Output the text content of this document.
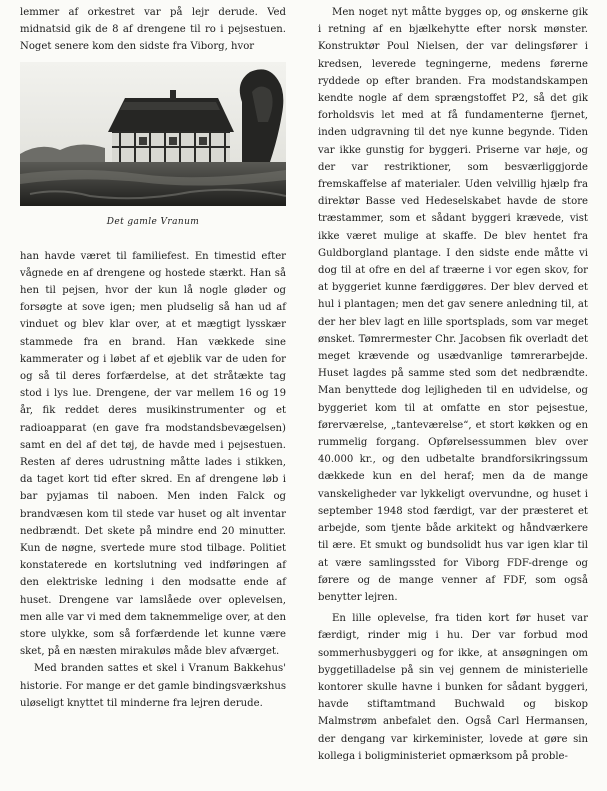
lemmer af orkestret var på lejr derude. Ved midnatsid gik de 8 af drengene til ro i pejsestuen. Noget senere kom den sidste fra Viborg, hvor

Det gamle Vranum

han havde været til familiefest. En timestid efter vågnede en af drengene og hostede stærkt. Han så hen til pejsen, hvor der kun lå nogle gløder og forsøgte at sove igen; men pludselig så han ud af vinduet og blev klar over, at et mægtigt lysskær stammede fra en brand. Han vækkede sine kammerater og i løbet af et øjeblik var de uden for og så til deres forfærdelse, at det stråtækte tag stod i lys lue. Drengene, der var mellem 16 og 19 år, fik reddet deres musikinstrumenter og et radioapparat (en gave fra modstandsbevægelsen) samt en del af det tøj, de havde med i pejsestuen. Resten af deres udrustning måtte lades i stikken, da taget kort tid efter skred. En af drengene løb i bar pyjamas til naboen. Men inden Falck og brandvæsen kom til stede var huset og alt inventar nedbrændt. Det skete på mindre end 20 minutter. Kun de nøgne, svertede mure stod tilbage. Politiet konstaterede en kortslutning ved indføringen af den elektriske ledning i den modsatte ende af huset. Drengene var lamslåede over oplevelsen, men alle var vi med dem taknemmelige over, at den store ulykke, som så forfærdende let kunne være sket, på en næsten mirakuløs måde blev afværget.

Med branden sattes et skel i Vranum Bakkehus' historie. For mange er det gamle bindingsværkshus uløseligt knyttet til minderne fra lejren derude.

Men noget nyt måtte bygges op, og ønskerne gik i retning af en bjælkehytte efter norsk mønster. Konstruktør Poul Nielsen, der var delingsfører i kredsen, leverede tegningerne, medens førerne ryddede op efter branden. Fra modstandskampen kendte nogle af dem sprængstoffet P2, så det gik forholdsvis let med at få fundamenterne fjernet, inden udgravning til det nye kunne begynde. Tiden var ikke gunstig for byggeri. Priserne var høje, og der var restriktioner, som besværliggjorde fremskaffelse af materialer. Uden velvillig hjælp fra direktør Basse ved Hedeselskabet havde de store træstammer, som et sådant byggeri krævede, vist ikke været mulige at skaffe. De blev hentet fra Guldborgland plantage. I den sidste ende måtte vi dog til at ofre en del af træerne i vor egen skov, for at byggeriet kunne færdiggøres. Der blev derved et hul i plantagen; men det gav senere anledning til, at der her blev lagt en lille sportsplads, som var meget ønsket. Tømrermester Chr. Jacobsen fik overladt det meget krævende og usædvanlige tømrerarbejde. Huset lagdes på samme sted som det nedbrændte. Man benyttede dog lejligheden til en udvidelse, og byggeriet kom til at omfatte en stor pejsestue, førerværelse, „tanteværelse“, et stort køkken og en rummelig forgang. Opførelsessummen blev over 40.000 kr., og den udbetalte brandforsikringssum dækkede kun en del heraf; men da de mange vanskeligheder var lykkeligt overvundne, og huset i september 1948 stod færdigt, var der præsteret et arbejde, som tjente både arkitekt og håndværkere til ære. Et smukt og bundsolidt hus var igen klar til at være samlingssted for Viborg FDF-drenge og førere og de mange venner af FDF, som også benytter lejren.

En lille oplevelse, fra tiden kort før huset var færdigt, rinder mig i hu. Der var forbud mod sommerhusbyggeri og for ikke, at ansøgningen om byggetilladelse på sin vej gennem de ministerielle kontorer skulle havne i bunken for sådant byggeri, havde stiftamtmand Buchwald og biskop Malmstrøm anbefalet den. Også Carl Hermansen, der dengang var kirkeminister, lovede at gøre sin kollega i boligministeriet opmærksom på proble-
